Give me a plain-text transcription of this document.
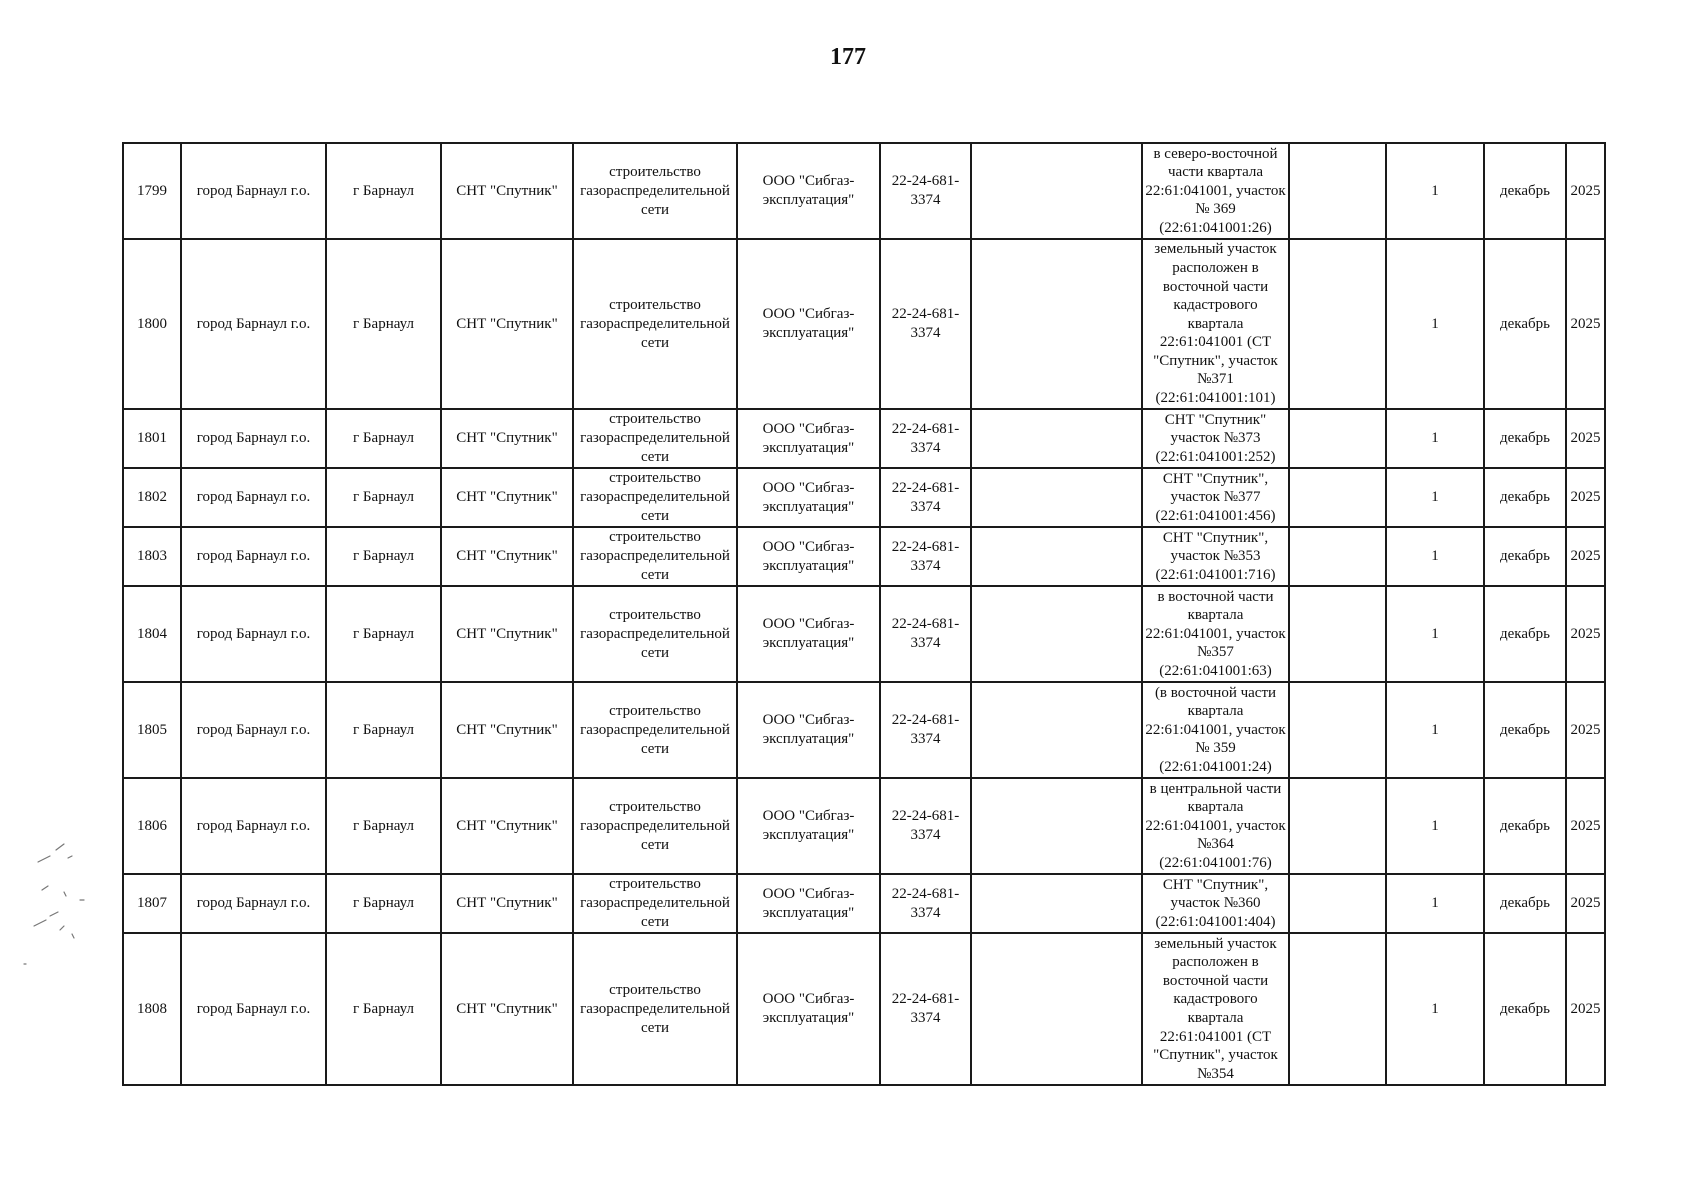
177
1799	город Барнаул г.о.	г Барнаул	СНТ "Спутник"	строительство газораспределительной сети	ООО "Сибгаз-эксплуатация"	22-24-681-3374		в северо-восточной части квартала 22:61:041001, участок № 369 (22:61:041001:26)		1	декабрь	2025
1800	город Барнаул г.о.	г Барнаул	СНТ "Спутник"	строительство газораспределительной сети	ООО "Сибгаз-эксплуатация"	22-24-681-3374		земельный участок расположен в восточной части кадастрового квартала 22:61:041001 (СТ "Спутник", участок №371 (22:61:041001:101)		1	декабрь	2025
1801	город Барнаул г.о.	г Барнаул	СНТ "Спутник"	строительство газораспределительной сети	ООО "Сибгаз-эксплуатация"	22-24-681-3374		СНТ "Спутник" участок №373 (22:61:041001:252)		1	декабрь	2025
1802	город Барнаул г.о.	г Барнаул	СНТ "Спутник"	строительство газораспределительной сети	ООО "Сибгаз-эксплуатация"	22-24-681-3374		СНТ "Спутник", участок №377 (22:61:041001:456)		1	декабрь	2025
1803	город Барнаул г.о.	г Барнаул	СНТ "Спутник"	строительство газораспределительной сети	ООО "Сибгаз-эксплуатация"	22-24-681-3374		СНТ "Спутник", участок №353 (22:61:041001:716)		1	декабрь	2025
1804	город Барнаул г.о.	г Барнаул	СНТ "Спутник"	строительство газораспределительной сети	ООО "Сибгаз-эксплуатация"	22-24-681-3374		в восточной части квартала 22:61:041001, участок №357 (22:61:041001:63)		1	декабрь	2025
1805	город Барнаул г.о.	г Барнаул	СНТ "Спутник"	строительство газораспределительной сети	ООО "Сибгаз-эксплуатация"	22-24-681-3374		(в восточной части квартала 22:61:041001, участок № 359 (22:61:041001:24)		1	декабрь	2025
1806	город Барнаул г.о.	г Барнаул	СНТ "Спутник"	строительство газораспределительной сети	ООО "Сибгаз-эксплуатация"	22-24-681-3374		в центральной части квартала 22:61:041001, участок №364 (22:61:041001:76)		1	декабрь	2025
1807	город Барнаул г.о.	г Барнаул	СНТ "Спутник"	строительство газораспределительной сети	ООО "Сибгаз-эксплуатация"	22-24-681-3374		СНТ "Спутник", участок №360 (22:61:041001:404)		1	декабрь	2025
1808	город Барнаул г.о.	г Барнаул	СНТ "Спутник"	строительство газораспределительной сети	ООО "Сибгаз-эксплуатация"	22-24-681-3374		земельный участок расположен в восточной части кадастрового квартала 22:61:041001 (СТ "Спутник", участок №354		1	декабрь	2025
